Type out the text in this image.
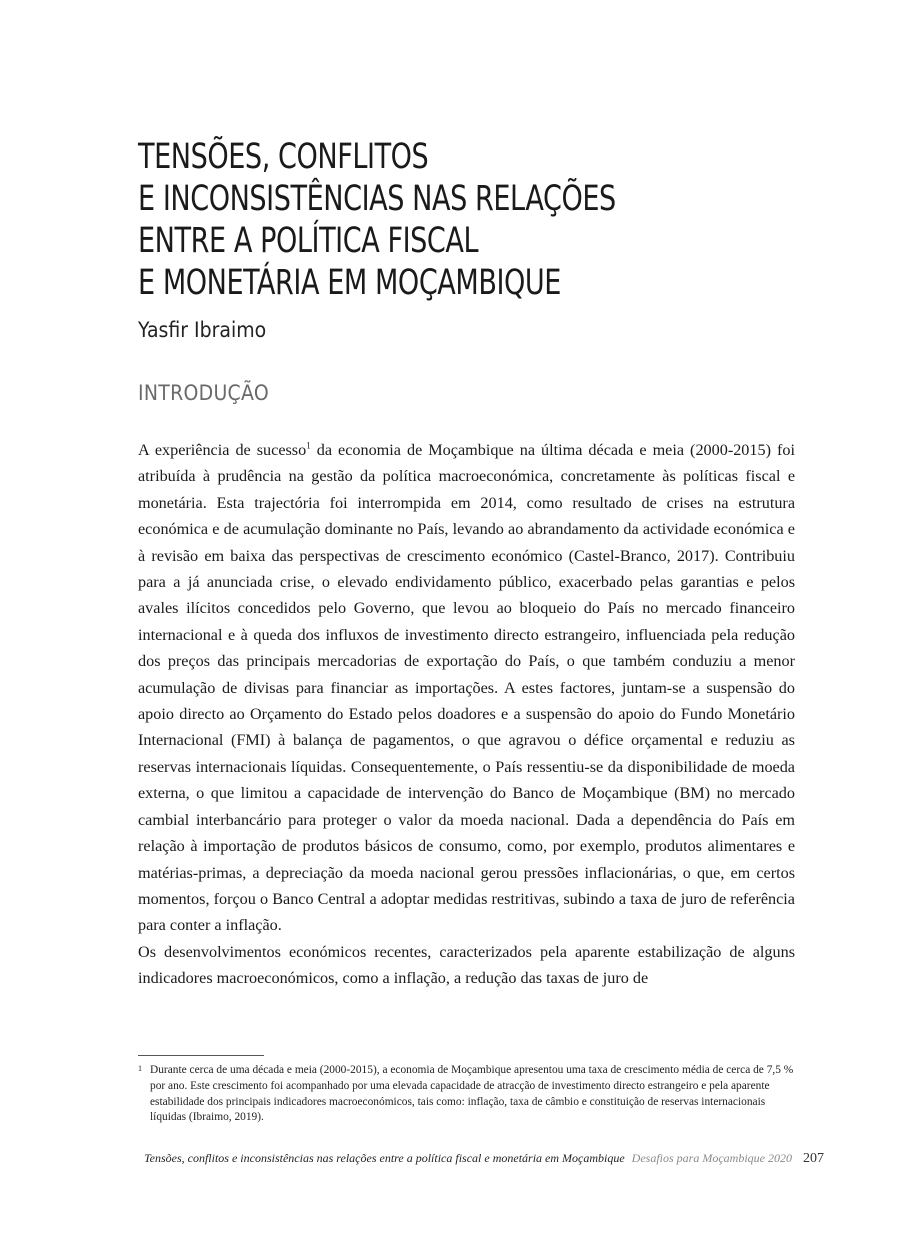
TENSÕES, CONFLITOS
E INCONSISTÊNCIAS NAS RELAÇÕES
ENTRE A POLÍTICA FISCAL
E MONETÁRIA EM MOÇAMBIQUE
Yasfir Ibraimo
INTRODUÇÃO

A experiência de sucesso$^1$ da economia de Moçambique na última década e meia (2000-2015) foi atribuída à prudência na gestão da política macroeconómica, concretamente às políticas fiscal e monetária. Esta trajectória foi interrompida em 2014, como resultado de crises na estrutura económica e de acumulação dominante no País, levando ao abrandamento da actividade económica e à revisão em baixa das perspectivas de crescimento económico (Castel-Branco, 2017). Contribuiu para a já anunciada crise, o elevado endividamento público, exacerbado pelas garantias e pelos avales ilícitos concedidos pelo Governo, que levou ao bloqueio do País no mercado financeiro internacional e à queda dos influxos de investimento directo estrangeiro, influenciada pela redução dos preços das principais mercadorias de exportação do País, o que também conduziu a menor acumulação de divisas para financiar as importações. A estes factores, juntam-se a suspensão do apoio directo ao Orçamento do Estado pelos doadores e a suspensão do apoio do Fundo Monetário Internacional (FMI) à balança de pagamentos, o que agravou o défice orçamental e reduziu as reservas internacionais líquidas. Consequentemente, o País ressentiu-se da disponibilidade de moeda externa, o que limitou a capacidade de intervenção do Banco de Moçambique (BM) no mercado cambial interbancário para proteger o valor da moeda nacional. Dada a dependência do País em relação à importação de produtos básicos de consumo, como, por exemplo, produtos alimentares e matérias-primas, a depreciação da moeda nacional gerou pressões inflacionárias, o que, em certos momentos, forçou o Banco Central a adoptar medidas restritivas, subindo a taxa de juro de referência para conter a inflação.

Os desenvolvimentos económicos recentes, caracterizados pela aparente estabilização de alguns indicadores macroeconómicos, como a inflação, a redução das taxas de juro de

1 Durante cerca de uma década e meia (2000-2015), a economia de Moçambique apresentou uma taxa de crescimento média de cerca de 7,5 % por ano. Este crescimento foi acompanhado por uma elevada capacidade de atracção de investimento directo estrangeiro e pela aparente estabilidade dos principais indicadores macroeconómicos, tais como: inflação, taxa de câmbio e constituição de reservas internacionais líquidas (Ibraimo, 2019).
Tensões, conflitos e inconsistências nas relações entre a política fiscal e monetária em Moçambique Desafios para Moçambique 2020 207
